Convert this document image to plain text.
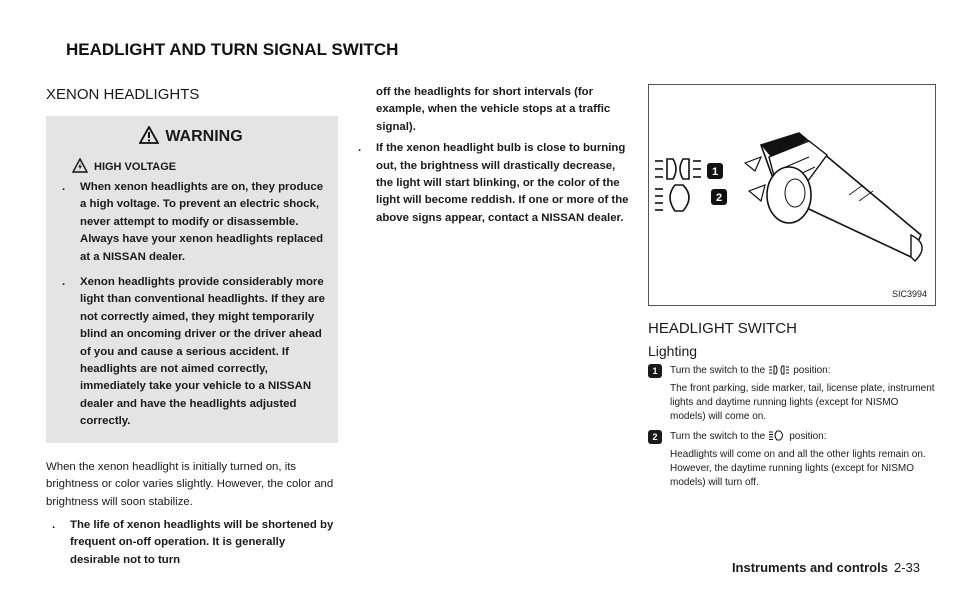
HEADLIGHT AND TURN SIGNAL SWITCH
XENON HEADLIGHTS
WARNING
HIGH VOLTAGE
. When xenon headlights are on, they produce a high voltage. To prevent an electric shock, never attempt to modify or disassemble. Always have your xenon headlights replaced at a NISSAN dealer.
. Xenon headlights provide considerably more light than conventional headlights. If they are not correctly aimed, they might temporarily blind an oncoming driver or the driver ahead of you and cause a serious accident. If headlights are not aimed correctly, immediately take your vehicle to a NISSAN dealer and have the headlights adjusted correctly.
When the xenon headlight is initially turned on, its brightness or color varies slightly. However, the color and brightness will soon stabilize.
. The life of xenon headlights will be shortened by frequent on-off operation. It is generally desirable not to turn
off the headlights for short intervals (for example, when the vehicle stops at a traffic signal).
. If the xenon headlight bulb is close to burning out, the brightness will drastically decrease, the light will start blinking, or the color of the light will become reddish. If one or more of the above signs appear, contact a NISSAN dealer.
1
2
SIC3994
HEADLIGHT SWITCH
Lighting
1	Turn the switch to the	position:
The front parking, side marker, tail, license plate, instrument lights and daytime running lights (except for NISMO models) will come on.
2	Turn the switch to the position:
Headlights will come on and all the other lights remain on. However, the daytime running lights (except for NISMO models) will turn off.
Instruments and controls 2-33
